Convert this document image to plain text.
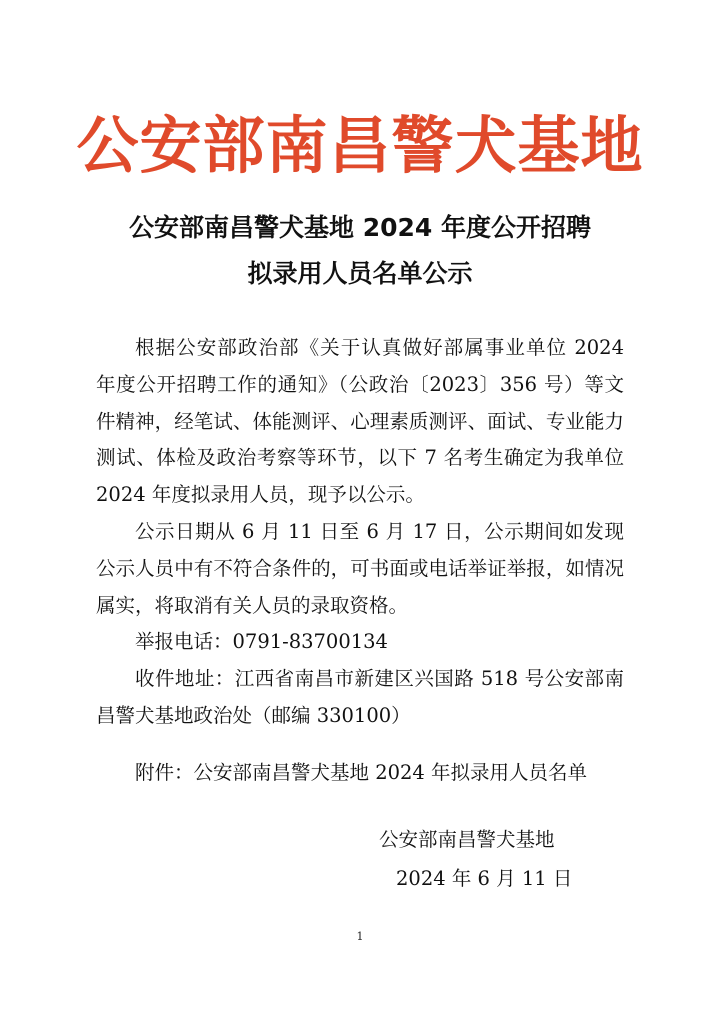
公安部南昌警犬基地
公安部南昌警犬基地 2024 年度公开招聘
拟录用人员名单公示

根据公安部政治部《关于认真做好部属事业单位 2024 年度公开招聘工作的通知》（公政治〔2023〕356 号）等文件精神，经笔试、体能测评、心理素质测评、面试、专业能力测试、体检及政治考察等环节，以下 7 名考生确定为我单位 2024 年度拟录用人员，现予以公示。

公示日期从 6 月 11 日至 6 月 17 日，公示期间如发现公示人员中有不符合条件的，可书面或电话举证举报，如情况属实，将取消有关人员的录取资格。

举报电话：0791-83700134

收件地址：江西省南昌市新建区兴国路 518 号公安部南昌警犬基地政治处（邮编 330100）

附件：公安部南昌警犬基地 2024 年拟录用人员名单
公安部南昌警犬基地
2024 年 6 月 11 日
1
